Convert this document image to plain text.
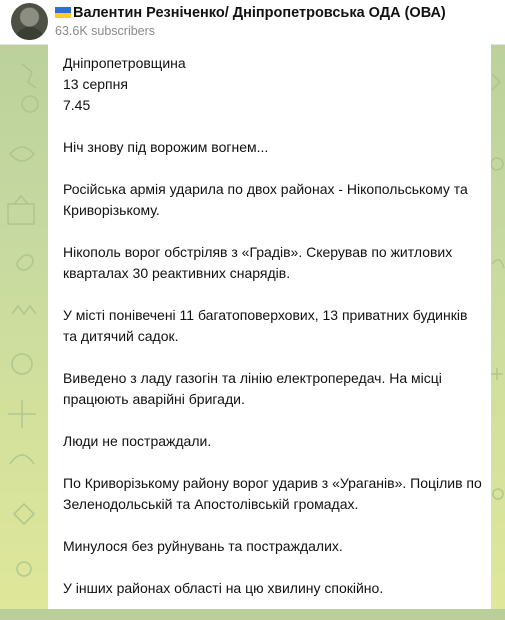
Валентин Резніченко/ Дніпропетровська ОДА (ОВА)
63.6K subscribers
Дніпропетровщина
13 серпня
7.45

Ніч знову під ворожим вогнем...

Російська армія ударила по двох районах - Нікопольському та Криворізькому.

Нікополь ворог обстріляв з «Градів». Скерував по житлових кварталах 30 реактивних снарядів.

У місті понівечені 11 багатоповерхових, 13 приватних будинків та дитячий садок.

Виведено з ладу газогін та лінію електропередач. На місці працюють аварійні бригади.

Люди не постраждали.

По Криворізькому району ворог ударив з «Ураганів». Поцілив по Зеленодольській та Апостолівській громадах.

Минулося без руйнувань та постраждалих.

У інших районах області на цю хвилину спокійно.
